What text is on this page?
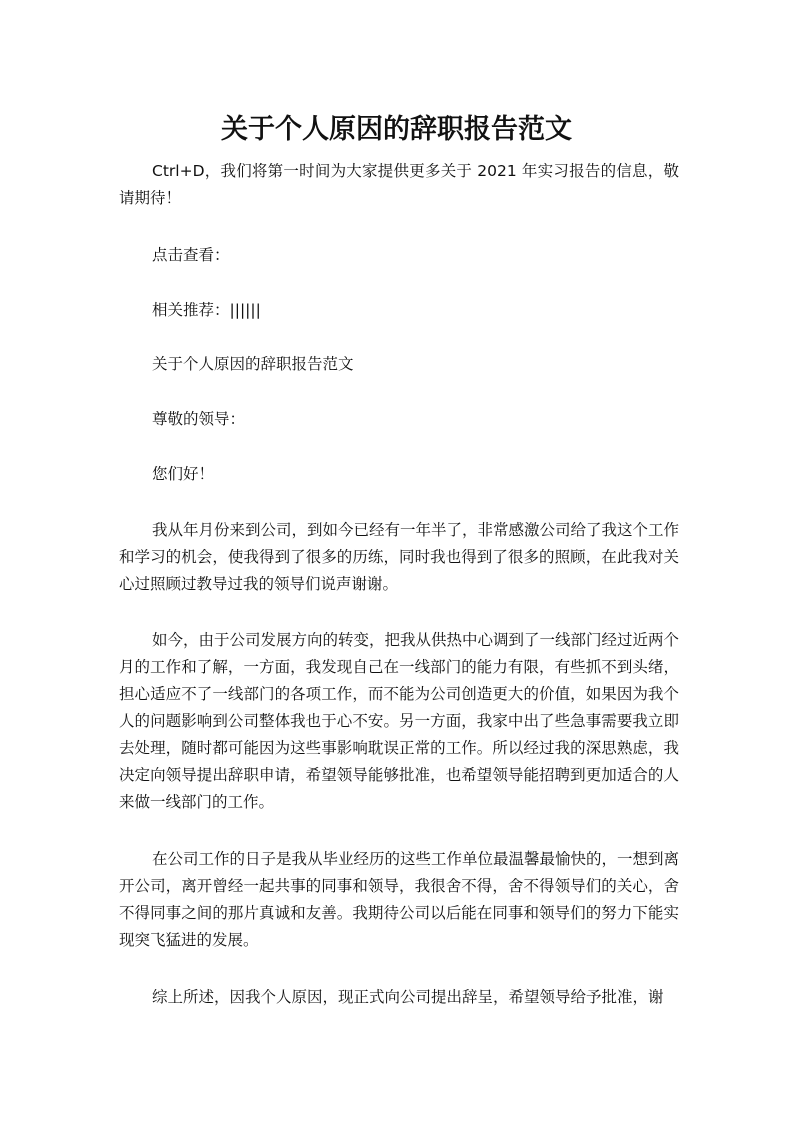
关于个人原因的辞职报告范文

Ctrl+D，我们将第一时间为大家提供更多关于 2021 年实习报告的信息，敬请期待！

点击查看：
相关推荐：||||||
关于个人原因的辞职报告范文
尊敬的领导：
您们好！

我从年月份来到公司，到如今已经有一年半了，非常感激公司给了我这个工作和学习的机会，使我得到了很多的历练，同时我也得到了很多的照顾，在此我对关心过照顾过教导过我的领导们说声谢谢。

如今，由于公司发展方向的转变，把我从供热中心调到了一线部门经过近两个月的工作和了解，一方面，我发现自己在一线部门的能力有限，有些抓不到头绪，担心适应不了一线部门的各项工作，而不能为公司创造更大的价值，如果因为我个人的问题影响到公司整体我也于心不安。另一方面，我家中出了些急事需要我立即去处理，随时都可能因为这些事影响耽误正常的工作。所以经过我的深思熟虑，我决定向领导提出辞职申请，希望领导能够批准，也希望领导能招聘到更加适合的人来做一线部门的工作。

在公司工作的日子是我从毕业经历的这些工作单位最温馨最愉快的，一想到离开公司，离开曾经一起共事的同事和领导，我很舍不得，舍不得领导们的关心，舍不得同事之间的那片真诚和友善。我期待公司以后能在同事和领导们的努力下能实现突飞猛进的发展。

综上所述，因我个人原因，现正式向公司提出辞呈，希望领导给予批准，谢
